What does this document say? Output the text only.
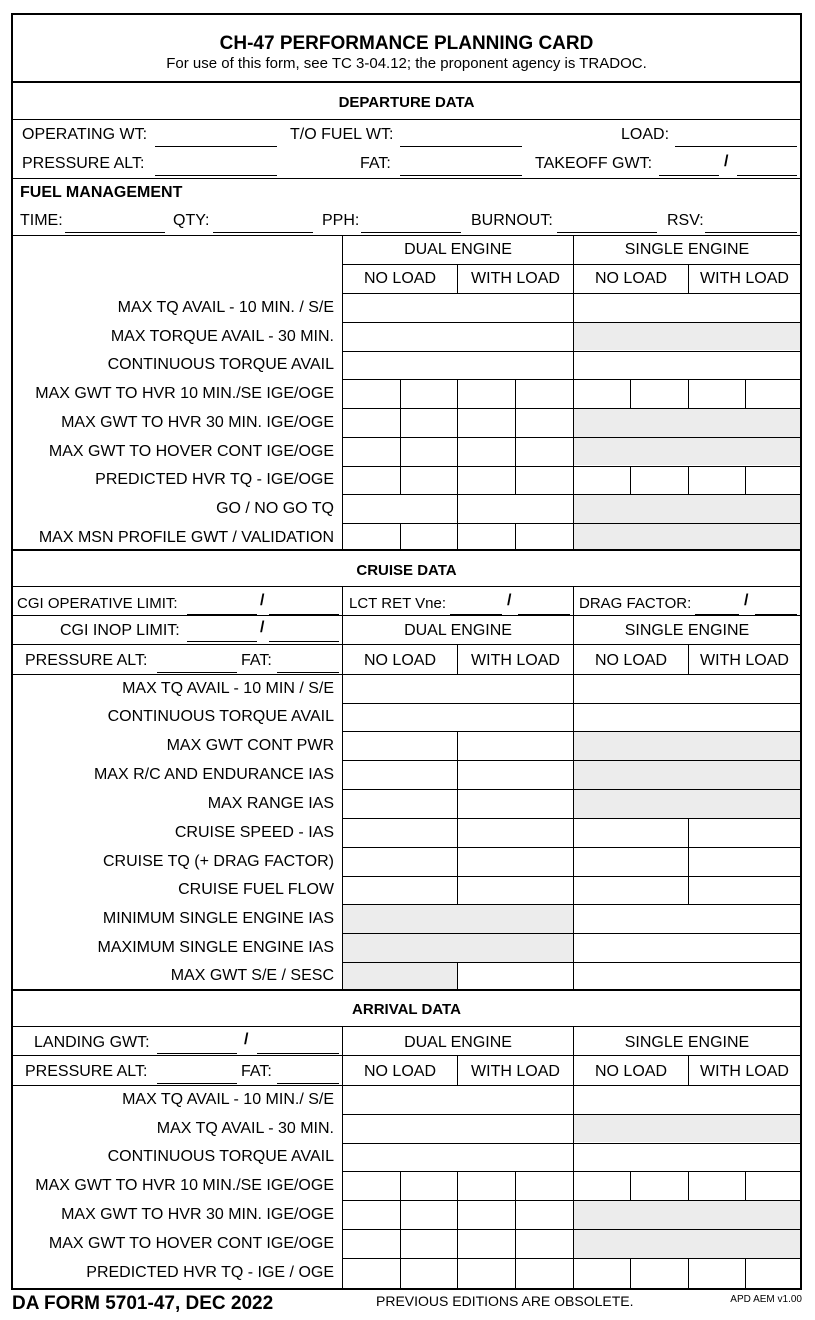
CH-47 PERFORMANCE PLANNING CARD
For use of this form, see TC 3-04.12; the proponent agency is TRADOC.
DEPARTURE DATA
OPERATING WT:	T/O FUEL WT:	LOAD:
PRESSURE ALT:	FAT:	TAKEOFF GWT:	/
FUEL MANAGEMENT
TIME:	QTY:	PPH:	BURNOUT:	RSV:
DUAL ENGINE	SINGLE ENGINE
NO LOAD	WITH LOAD	NO LOAD	WITH LOAD
MAX TQ AVAIL - 10 MIN. / S/E
MAX TORQUE AVAIL - 30 MIN.
CONTINUOUS TORQUE AVAIL
MAX GWT TO HVR 10 MIN./SE IGE/OGE
MAX GWT TO HVR 30 MIN. IGE/OGE
MAX GWT TO HOVER CONT IGE/OGE
PREDICTED HVR TQ - IGE/OGE
GO / NO GO TQ
MAX MSN PROFILE GWT / VALIDATION
CRUISE DATA
CGI OPERATIVE LIMIT:	/	LCT RET Vne:	/	DRAG FACTOR:	/
CGI INOP LIMIT:	/	DUAL ENGINE	SINGLE ENGINE
PRESSURE ALT:	FAT:	NO LOAD	WITH LOAD	NO LOAD	WITH LOAD
MAX TQ AVAIL - 10 MIN / S/E
CONTINUOUS TORQUE AVAIL
MAX GWT CONT PWR
MAX R/C AND ENDURANCE IAS
MAX RANGE IAS
CRUISE SPEED - IAS
CRUISE TQ (+ DRAG FACTOR)
CRUISE FUEL FLOW
MINIMUM SINGLE ENGINE IAS
MAXIMUM SINGLE ENGINE IAS
MAX GWT S/E / SESC
ARRIVAL DATA
LANDING GWT:	/	DUAL ENGINE	SINGLE ENGINE
PRESSURE ALT:	FAT:	NO LOAD	WITH LOAD	NO LOAD	WITH LOAD
MAX TQ AVAIL - 10 MIN./ S/E
MAX TQ AVAIL - 30 MIN.
CONTINUOUS TORQUE AVAIL
MAX GWT TO HVR 10 MIN./SE IGE/OGE
MAX GWT TO HVR 30 MIN. IGE/OGE
MAX GWT TO HOVER CONT IGE/OGE
PREDICTED HVR TQ - IGE / OGE
DA FORM 5701-47, DEC 2022	PREVIOUS EDITIONS ARE OBSOLETE.	APD AEM v1.00
